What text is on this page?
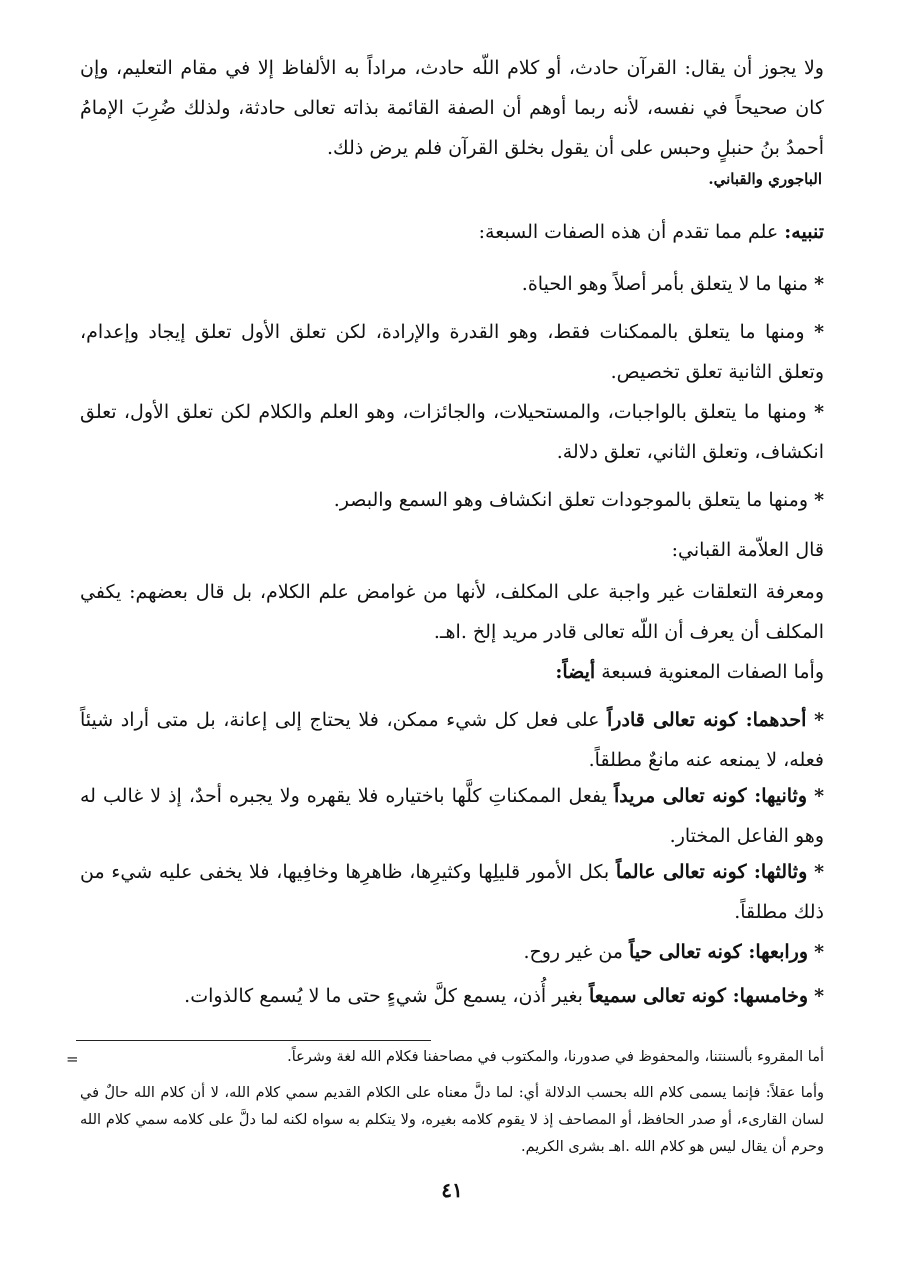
ولا يجوز أن يقال: القرآن حادث، أو كلام اللّه حادث، مراداً به الألفاظ إلا في مقام التعليم، وإن كان صحيحاً في نفسه، لأنه ربما أوهم أن الصفة القائمة بذاته تعالى حادثة، ولذلك ضُرِبَ الإمامُ أحمدُ بنُ حنبلٍ وحبس على أن يقول بخلق القرآن فلم يرض ذلك.

الباجوري والقباني.
تنبيه: علم مما تقدم أن هذه الصفات السبعة:
* منها ما لا يتعلق بأمر أصلاً وهو الحياة.

* ومنها ما يتعلق بالممكنات فقط، وهو القدرة والإرادة، لكن تعلق الأول تعلق إيجاد وإعدام، وتعلق الثانية تعلق تخصيص.

* ومنها ما يتعلق بالواجبات، والمستحيلات، والجائزات، وهو العلم والكلام لكن تعلق الأول، تعلق انكشاف، وتعلق الثاني، تعلق دلالة.

* ومنها ما يتعلق بالموجودات تعلق انكشاف وهو السمع والبصر.
قال العلاّمة القباني:

ومعرفة التعلقات غير واجبة على المكلف، لأنها من غوامض علم الكلام، بل قال بعضهم: يكفي المكلف أن يعرف أن اللّه تعالى قادر مريد إلخ .اهـ.

وأما الصفات المعنوية فسبعة أيضاً:

* أحدهما: كونه تعالى قادراً على فعل كل شيء ممكن، فلا يحتاج إلى إعانة، بل متى أراد شيئاً فعله، لا يمنعه عنه مانعٌ مطلقاً.

* وثانيها: كونه تعالى مريداً يفعل الممكناتِ كلَّها باختياره فلا يقهره ولا يجبره أحدٌ، إذ لا غالب له وهو الفاعل المختار.

* وثالثها: كونه تعالى عالماً بكل الأمور قليلِها وكثيرِها، ظاهرِها وخافِيها، فلا يخفى عليه شيء من ذلك مطلقاً.

* ورابعها: كونه تعالى حياً من غير روح.
* وخامسها: كونه تعالى سميعاً بغير أُذن، يسمع كلَّ شيءٍ حتى ما لا يُسمع كالذوات.
=	أما المقروء بألسنتنا، والمحفوظ في صدورنا، والمكتوب في مصاحفنا فكلام الله لغة وشرعاً.

وأما عقلاً: فإنما يسمى كلام الله بحسب الدلالة أي: لما دلَّ معناه على الكلام القديم سمي كلام الله، لا أن كلام الله حالٌ في لسان القارىء، أو صدر الحافظ، أو المصاحف إذ لا يقوم كلامه بغيره، ولا يتكلم به سواه لكنه لما دلَّ على كلامه سمي كلام الله وحرم أن يقال ليس هو كلام الله .اهـ بشرى الكريم.

٤١
